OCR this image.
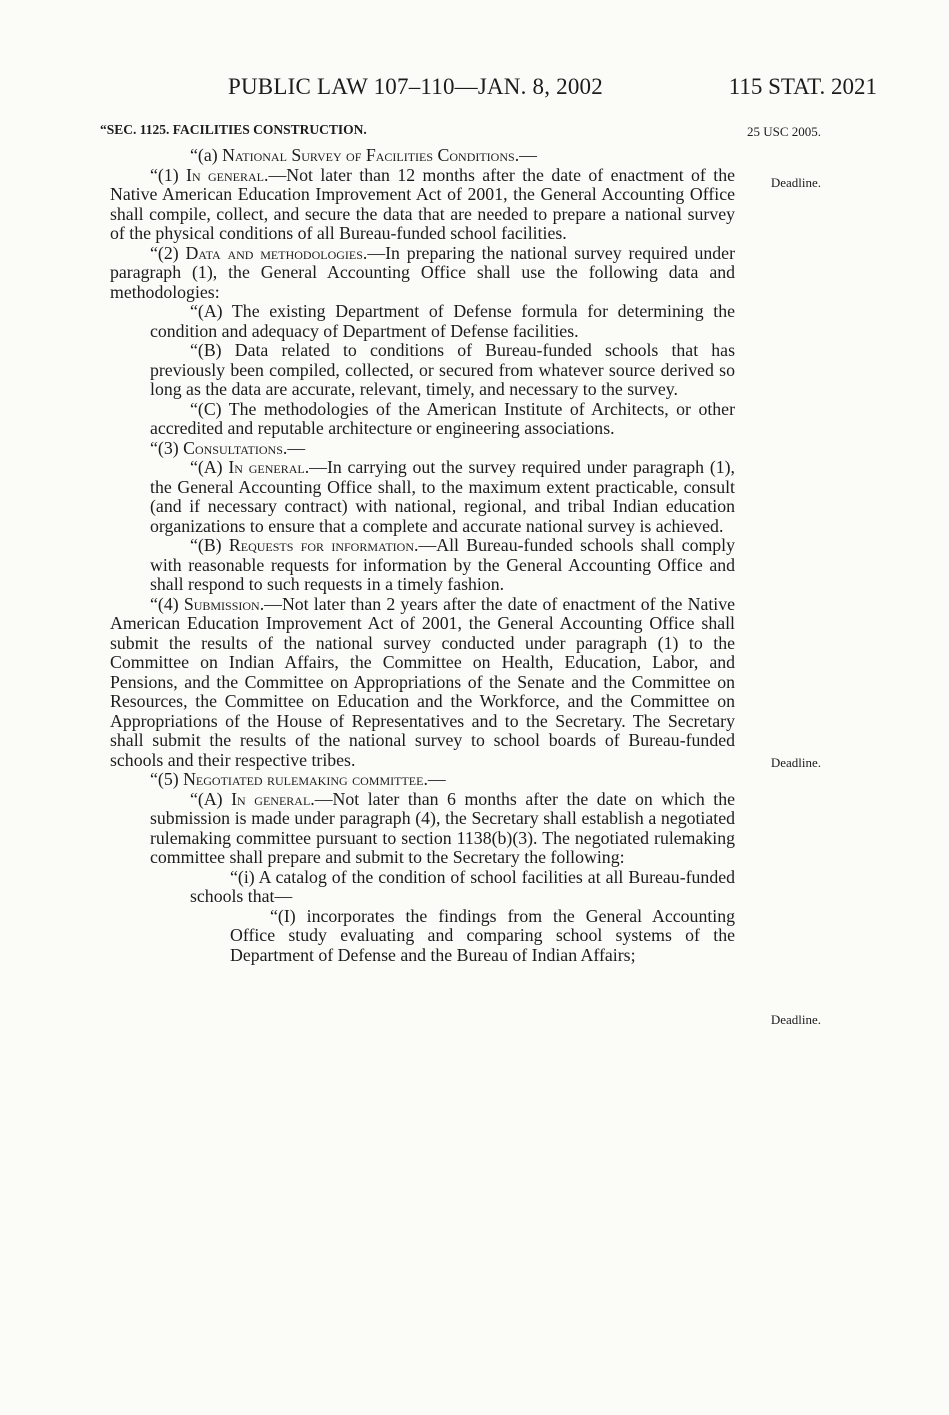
PUBLIC LAW 107–110—JAN. 8, 2002	115 STAT. 2021
“SEC. 1125. FACILITIES CONSTRUCTION.	25 USC 2005.
Deadline.
Deadline.
Deadline.

“(a) National Survey of Facilities Conditions.—

“(1) In general.—Not later than 12 months after the date of enactment of the Native American Education Improvement Act of 2001, the General Accounting Office shall compile, collect, and secure the data that are needed to prepare a national survey of the physical conditions of all Bureau-funded school facilities.

“(2) Data and methodologies.—In preparing the national survey required under paragraph (1), the General Accounting Office shall use the following data and methodologies:

“(A) The existing Department of Defense formula for determining the condition and adequacy of Department of Defense facilities.

“(B) Data related to conditions of Bureau-funded schools that has previously been compiled, collected, or secured from whatever source derived so long as the data are accurate, relevant, timely, and necessary to the survey.

“(C) The methodologies of the American Institute of Architects, or other accredited and reputable architecture or engineering associations.

“(3) Consultations.—

“(A) In general.—In carrying out the survey required under paragraph (1), the General Accounting Office shall, to the maximum extent practicable, consult (and if necessary contract) with national, regional, and tribal Indian education organizations to ensure that a complete and accurate national survey is achieved.

“(B) Requests for information.—All Bureau-funded schools shall comply with reasonable requests for information by the General Accounting Office and shall respond to such requests in a timely fashion.

“(4) Submission.—Not later than 2 years after the date of enactment of the Native American Education Improvement Act of 2001, the General Accounting Office shall submit the results of the national survey conducted under paragraph (1) to the Committee on Indian Affairs, the Committee on Health, Education, Labor, and Pensions, and the Committee on Appropriations of the Senate and the Committee on Resources, the Committee on Education and the Workforce, and the Committee on Appropriations of the House of Representatives and to the Secretary. The Secretary shall submit the results of the national survey to school boards of Bureau-funded schools and their respective tribes.

“(5) Negotiated rulemaking committee.—

“(A) In general.—Not later than 6 months after the date on which the submission is made under paragraph (4), the Secretary shall establish a negotiated rulemaking committee pursuant to section 1138(b)(3). The negotiated rulemaking committee shall prepare and submit to the Secretary the following:

“(i) A catalog of the condition of school facilities at all Bureau-funded schools that—

“(I) incorporates the findings from the General Accounting Office study evaluating and comparing school systems of the Department of Defense and the Bureau of Indian Affairs;
